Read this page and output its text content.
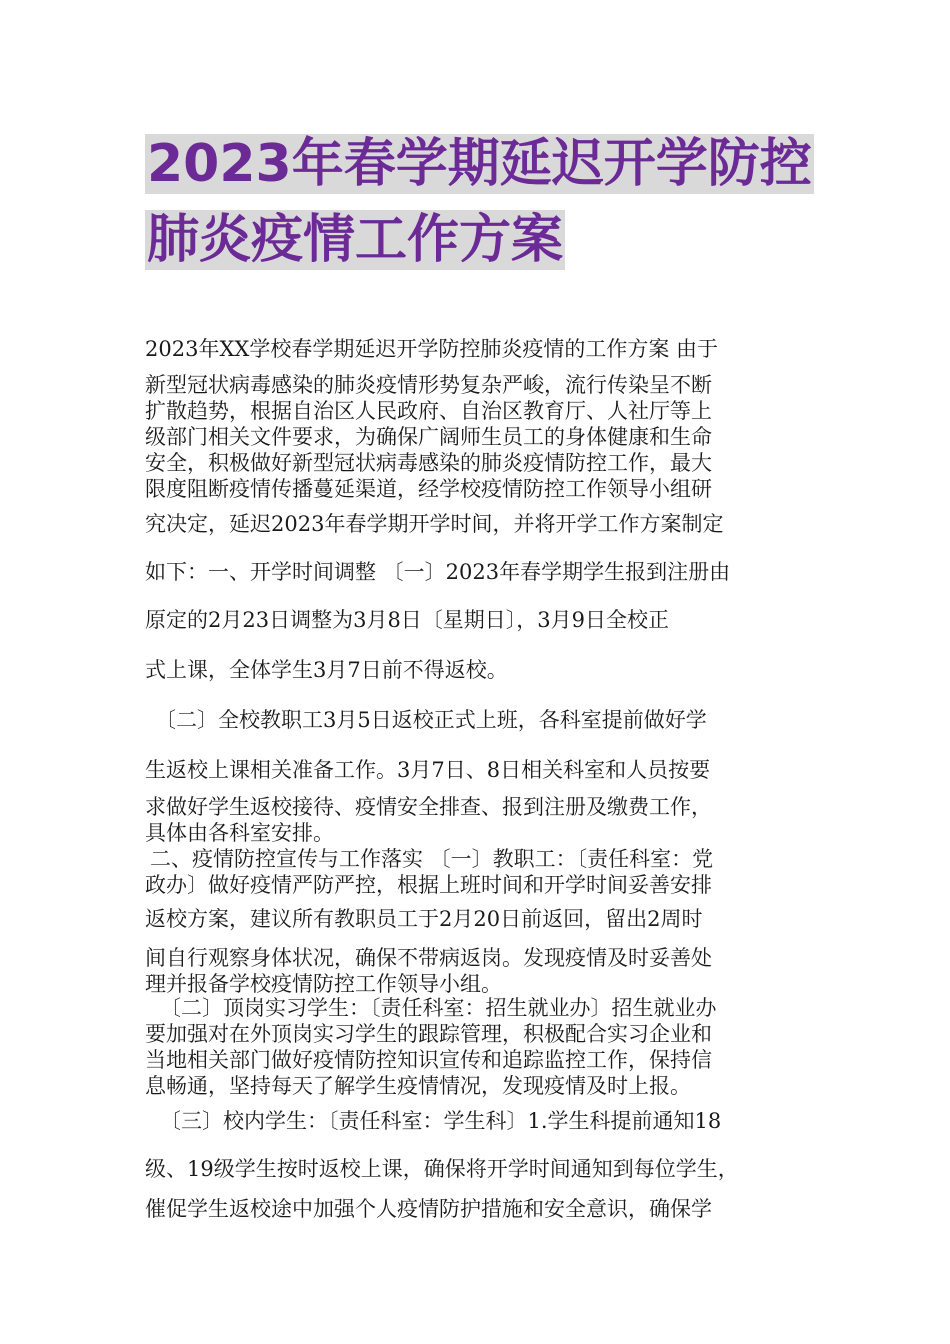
2023年春学期延迟开学防控肺炎疫情工作方案
2023年XX学校春学期延迟开学防控肺炎疫情的工作方案 由于
新型冠状病毒感染的肺炎疫情形势复杂严峻，流行传染呈不断
扩散趋势，根据自治区人民政府、自治区教育厅、人社厅等上
级部门相关文件要求，为确保广阔师生员工的身体健康和生命
安全，积极做好新型冠状病毒感染的肺炎疫情防控工作，最大
限度阻断疫情传播蔓延渠道，经学校疫情防控工作领导小组研
究决定，延迟2023年春学期开学时间，并将开学工作方案制定
如下：一、开学时间调整 〔一〕2023年春学期学生报到注册由
原定的2月23日调整为3月8日〔星期日〕，3月9日全校正
式上课，全体学生3月7日前不得返校。
〔二〕全校教职工3月5日返校正式上班，各科室提前做好学
生返校上课相关准备工作。3月7日、8日相关科室和人员按要
求做好学生返校接待、疫情安全排查、报到注册及缴费工作，
具体由各科室安排。
二、疫情防控宣传与工作落实 〔一〕教职工：〔责任科室：党
政办〕做好疫情严防严控，根据上班时间和开学时间妥善安排
返校方案，建议所有教职员工于2月20日前返回，留出2周时
间自行观察身体状况，确保不带病返岗。发现疫情及时妥善处
理并报备学校疫情防控工作领导小组。
〔二〕顶岗实习学生：〔责任科室：招生就业办〕招生就业办
要加强对在外顶岗实习学生的跟踪管理，积极配合实习企业和
当地相关部门做好疫情防控知识宣传和追踪监控工作，保持信
息畅通，坚持每天了解学生疫情情况，发现疫情及时上报。
〔三〕校内学生：〔责任科室：学生科〕1.学生科提前通知18
级、19级学生按时返校上课，确保将开学时间通知到每位学生，
催促学生返校途中加强个人疫情防护措施和安全意识，确保学
